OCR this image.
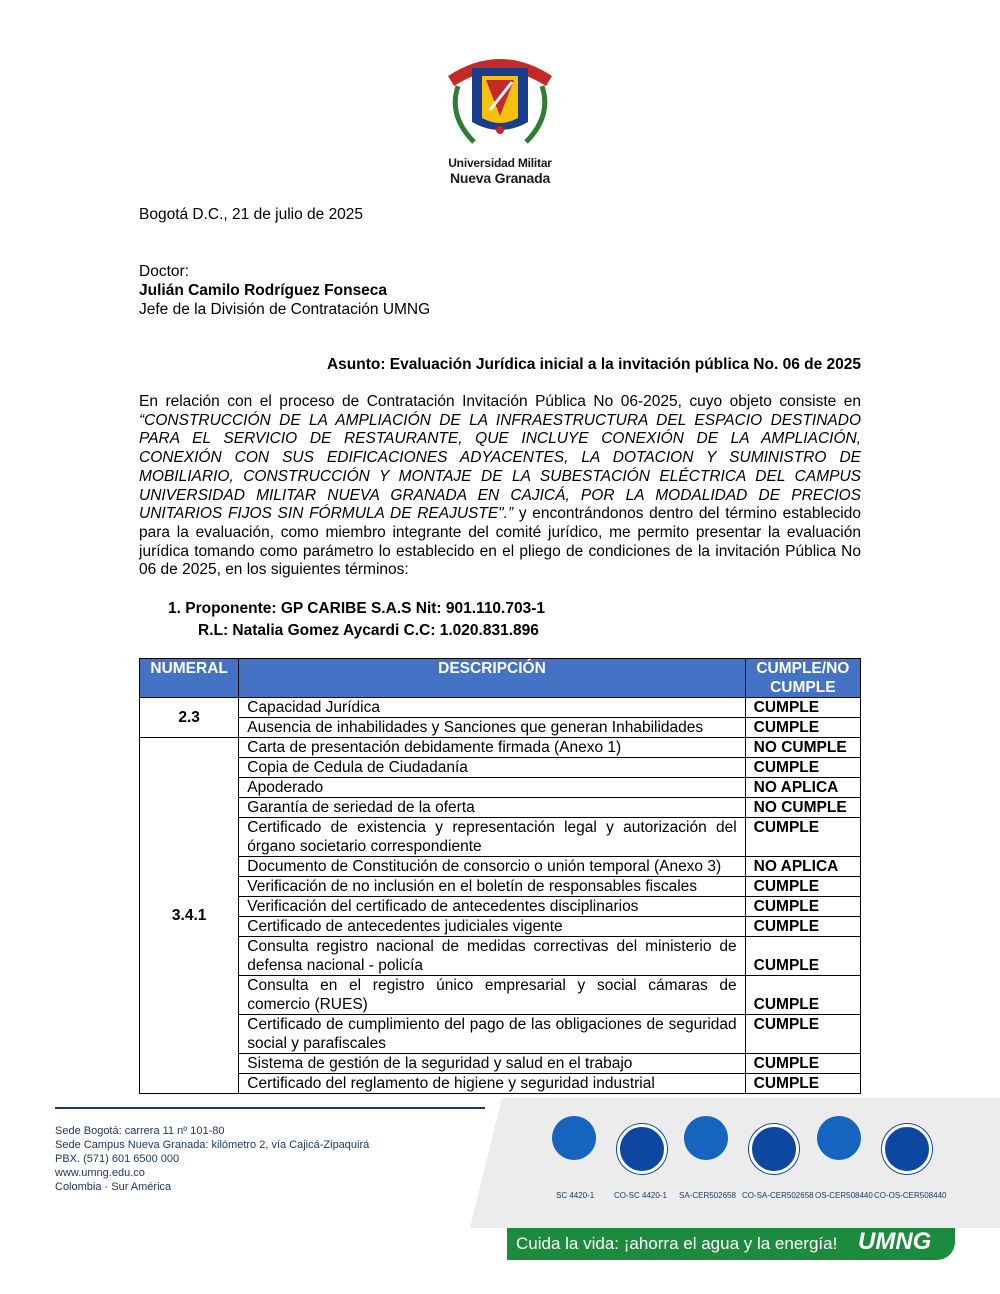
Universidad Militar
Nueva Granada
Bogotá D.C., 21 de julio de 2025
Doctor:
Julián Camilo Rodríguez Fonseca
Jefe de la División de Contratación UMNG
Asunto: Evaluación Jurídica inicial a la invitación pública No. 06 de 2025
En relación con el proceso de Contratación Invitación Pública No 06-2025, cuyo objeto consiste en “CONSTRUCCIÓN DE LA AMPLIACIÓN DE LA INFRAESTRUCTURA DEL ESPACIO DESTINADO PARA EL SERVICIO DE RESTAURANTE, QUE INCLUYE CONEXIÓN DE LA AMPLIACIÓN, CONEXIÓN CON SUS EDIFICACIONES ADYACENTES, LA DOTACION Y SUMINISTRO DE MOBILIARIO, CONSTRUCCIÓN Y MONTAJE DE LA SUBESTACIÓN ELÉCTRICA DEL CAMPUS UNIVERSIDAD MILITAR NUEVA GRANADA EN CAJICÁ, POR LA MODALIDAD DE PRECIOS UNITARIOS FIJOS SIN FÓRMULA DE REAJUSTE".” y encontrándonos dentro del término establecido para la evaluación, como miembro integrante del comité jurídico, me permito presentar la evaluación jurídica tomando como parámetro lo establecido en el pliego de condiciones de la invitación Pública No 06 de 2025, en los siguientes términos:
1. Proponente: GP CARIBE S.A.S Nit: 901.110.703-1
R.L: Natalia Gomez Aycardi C.C: 1.020.831.896
NUMERAL	DESCRIPCIÓN	CUMPLE/NO CUMPLE
2.3	Capacidad Jurídica	CUMPLE
	Ausencia de inhabilidades y Sanciones que generan Inhabilidades	CUMPLE
3.4.1	Carta de presentación debidamente firmada (Anexo 1)	NO CUMPLE
	Copia de Cedula de Ciudadanía	CUMPLE
	Apoderado	NO APLICA
	Garantía de seriedad de la oferta	NO CUMPLE
	Certificado de existencia y representación legal y autorización del órgano societario correspondiente	CUMPLE
	Documento de Constitución de consorcio o unión temporal (Anexo 3)	NO APLICA
	Verificación de no inclusión en el boletín de responsables fiscales	CUMPLE
	Verificación del certificado de antecedentes disciplinarios	CUMPLE
	Certificado de antecedentes judiciales vigente	CUMPLE
	Consulta registro nacional de medidas correctivas del ministerio de defensa nacional - policía	CUMPLE
	Consulta en el registro único empresarial y social cámaras de comercio (RUES)	CUMPLE
	Certificado de cumplimiento del pago de las obligaciones de seguridad social y parafiscales	CUMPLE
	Sistema de gestión de la seguridad y salud en el trabajo	CUMPLE
	Certificado del reglamento de higiene y seguridad industrial	CUMPLE
Sede Bogotá: carrera 11 nº 101-80
Sede Campus Nueva Granada: kilómetro 2, vía Cajicá-Zipaquirá
PBX. (571) 601 6500 000
www.umng.edu.co
Colombia · Sur América
SC 4420-1 CO-SC 4420-1 SA-CER502658 CO-SA-CER502658 OS-CER508440 CO-OS-CER508440
Cuida la vida: ¡ahorra el agua y la energía! UMNG
